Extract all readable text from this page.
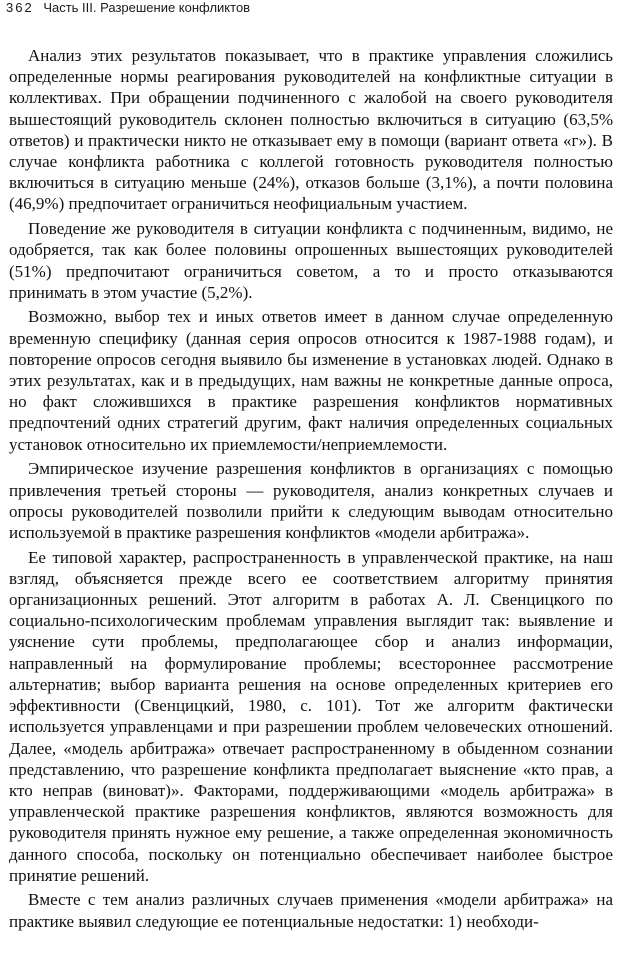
362 Часть III. Разрешение конфликтов

Анализ этих результатов показывает, что в практике управления сложились определенные нормы реагирования руководителей на конфликтные ситуации в коллективах. При обращении подчиненного с жалобой на своего руководителя вышестоящий руководитель склонен полностью включиться в ситуацию (63,5% ответов) и практически никто не отказывает ему в помощи (вариант ответа «г»). В случае конфликта работника с коллегой готовность руководителя полностью включиться в ситуацию меньше (24%), отказов больше (3,1%), а почти половина (46,9%) предпочитает ограничиться неофициальным участием.

Поведение же руководителя в ситуации конфликта с подчиненным, видимо, не одобряется, так как более половины опрошенных вышестоящих руководителей (51%) предпочитают ограничиться советом, а то и просто отказываются принимать в этом участие (5,2%).

Возможно, выбор тех и иных ответов имеет в данном случае определенную временную специфику (данная серия опросов относится к 1987-1988 годам), и повторение опросов сегодня выявило бы изменение в установках людей. Однако в этих результатах, как и в предыдущих, нам важны не конкретные данные опроса, но факт сложившихся в практике разрешения конфликтов нормативных предпочтений одних стратегий другим, факт наличия определенных социальных установок относительно их приемлемости/неприемлемости.

Эмпирическое изучение разрешения конфликтов в организациях с помощью привлечения третьей стороны — руководителя, анализ конкретных случаев и опросы руководителей позволили прийти к следующим выводам относительно используемой в практике разрешения конфликтов «модели арбитража».

Ее типовой характер, распространенность в управленческой практике, на наш взгляд, объясняется прежде всего ее соответствием алгоритму принятия организационных решений. Этот алгоритм в работах А. Л. Свенцицкого по социально-психологическим проблемам управления выглядит так: выявление и уяснение сути проблемы, предполагающее сбор и анализ информации, направленный на формулирование проблемы; всестороннее рассмотрение альтернатив; выбор варианта решения на основе определенных критериев его эффективности (Свенцицкий, 1980, с. 101). Тот же алгоритм фактически используется управленцами и при разрешении проблем человеческих отношений. Далее, «модель арбитража» отвечает распространенному в обыденном сознании представлению, что разрешение конфликта предполагает выяснение «кто прав, а кто неправ (виноват)». Факторами, поддерживающими «модель арбитража» в управленческой практике разрешения конфликтов, являются возможность для руководителя принять нужное ему решение, а также определенная экономичность данного способа, поскольку он потенциально обеспечивает наиболее быстрое принятие решений.

Вместе с тем анализ различных случаев применения «модели арбитража» на практике выявил следующие ее потенциальные недостатки: 1) необходи-
